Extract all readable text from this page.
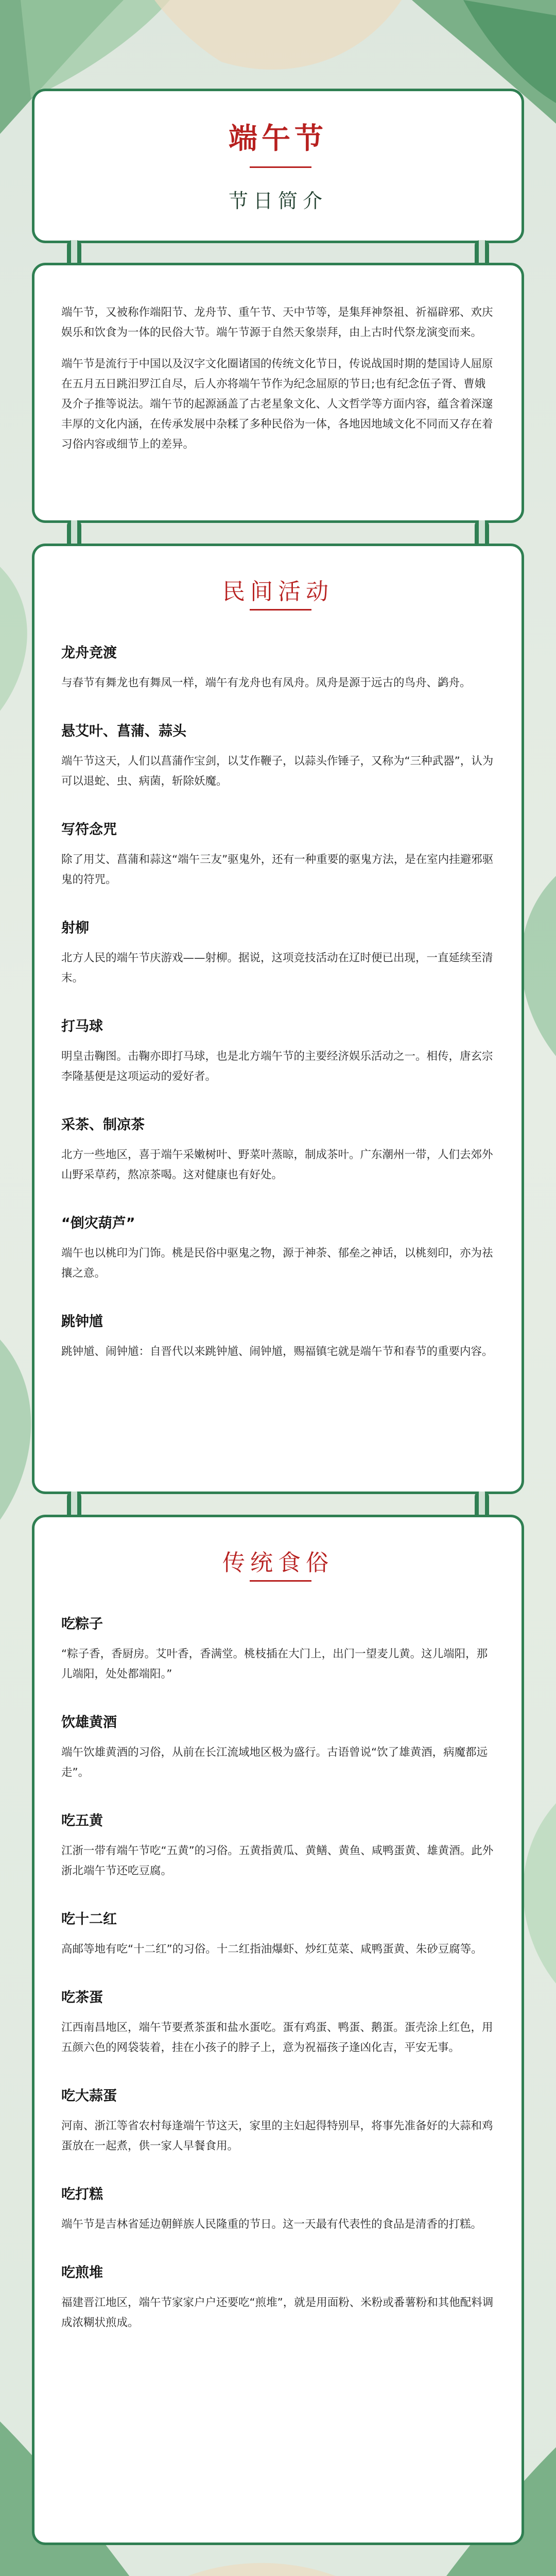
端午节
节日简介

端午节，又被称作端阳节、龙舟节、重午节、天中节等，是集拜神祭祖、祈福辟邪、欢庆娱乐和饮食为一体的民俗大节。端午节源于自然天象崇拜，由上古时代祭龙演变而来。

端午节是流行于中国以及汉字文化圈诸国的传统文化节日，传说战国时期的楚国诗人屈原在五月五日跳汨罗江自尽，后人亦将端午节作为纪念屈原的节日;也有纪念伍子胥、曹娥及介子推等说法。端午节的起源涵盖了古老星象文化、人文哲学等方面内容，蕴含着深邃丰厚的文化内涵，在传承发展中杂糅了多种民俗为一体，各地因地域文化不同而又存在着习俗内容或细节上的差异。

民间活动
龙舟竞渡

与春节有舞龙也有舞凤一样，端午有龙舟也有凤舟。凤舟是源于远古的鸟舟、鹢舟。

悬艾叶、菖蒲、蒜头

端午节这天，人们以菖蒲作宝剑，以艾作鞭子，以蒜头作锤子，又称为“三种武器”，认为可以退蛇、虫、病菌，斩除妖魔。

写符念咒

除了用艾、菖蒲和蒜这“端午三友”驱鬼外，还有一种重要的驱鬼方法，是在室内挂避邪驱鬼的符咒。

射柳

北方人民的端午节庆游戏——射柳。据说，这项竞技活动在辽时便已出现，一直延续至清末。

打马球

明皇击鞠图。击鞠亦即打马球，也是北方端午节的主要经济娱乐活动之一。相传，唐玄宗李隆基便是这项运动的爱好者。

采茶、制凉茶

北方一些地区，喜于端午采嫩树叶、野菜叶蒸晾，制成茶叶。广东潮州一带，人们去郊外山野采草药，熬凉茶喝。这对健康也有好处。

“倒灾葫芦”

端午也以桃印为门饰。桃是民俗中驱鬼之物，源于神荼、郁垒之神话，以桃刻印，亦为祛攘之意。

跳钟馗

跳钟馗、闹钟馗：自晋代以来跳钟馗、闹钟馗，赐福镇宅就是端午节和春节的重要内容。

传统食俗
吃粽子

“粽子香，香厨房。艾叶香，香满堂。桃枝插在大门上，出门一望麦儿黄。这儿端阳，那儿端阳，处处都端阳。”

饮雄黄酒

端午饮雄黄酒的习俗，从前在长江流域地区极为盛行。古语曾说“饮了雄黄酒，病魔都远走”。

吃五黄

江浙一带有端午节吃“五黄”的习俗。五黄指黄瓜、黄鳝、黄鱼、咸鸭蛋黄、雄黄酒。此外浙北端午节还吃豆腐。

吃十二红

高邮等地有吃“十二红”的习俗。十二红指油爆虾、炒红苋菜、咸鸭蛋黄、朱砂豆腐等。

吃茶蛋

江西南昌地区，端午节要煮茶蛋和盐水蛋吃。蛋有鸡蛋、鸭蛋、鹅蛋。蛋壳涂上红色，用五颜六色的网袋装着，挂在小孩子的脖子上，意为祝福孩子逢凶化吉，平安无事。

吃大蒜蛋

河南、浙江等省农村每逢端午节这天，家里的主妇起得特别早，将事先准备好的大蒜和鸡蛋放在一起煮，供一家人早餐食用。

吃打糕

端午节是吉林省延边朝鲜族人民隆重的节日。这一天最有代表性的食品是清香的打糕。

吃煎堆

福建晋江地区，端午节家家户户还要吃“煎堆”，就是用面粉、米粉或番薯粉和其他配料调成浓糊状煎成。
